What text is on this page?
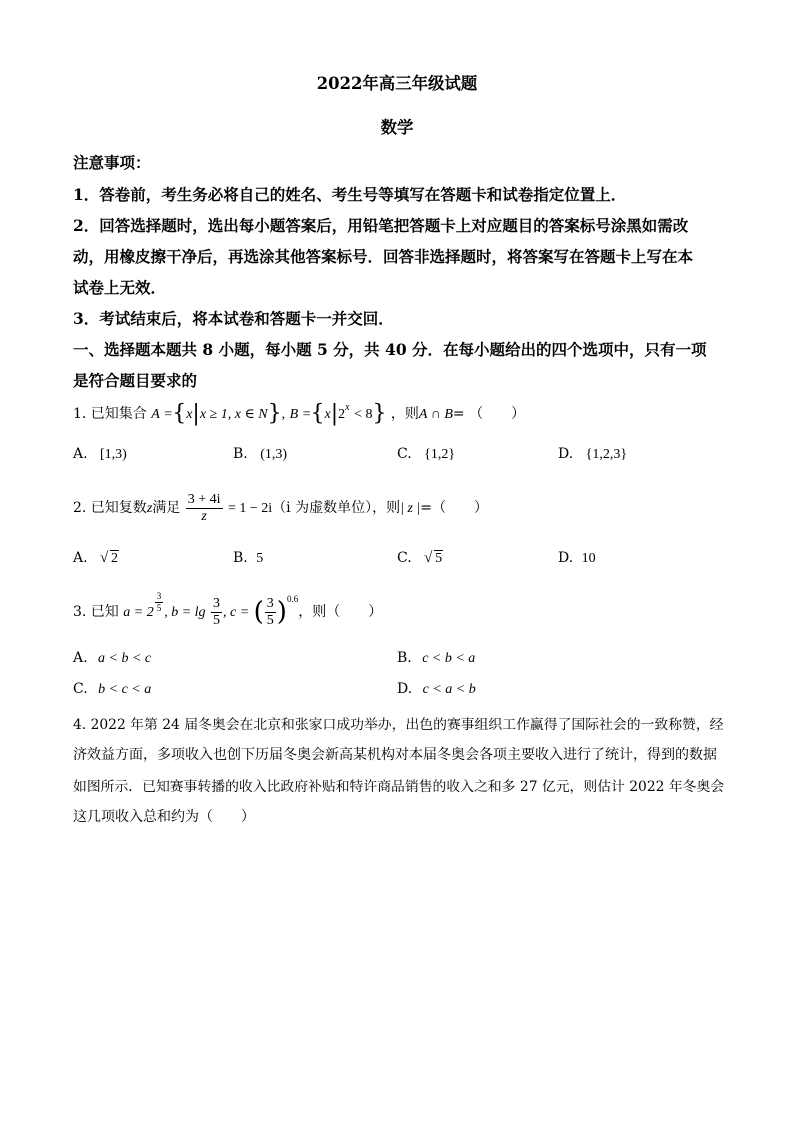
2022年高三年级试题
数学
注意事项：
1．答卷前，考生务必将自己的姓名、考生号等填写在答题卡和试卷指定位置上．
2．回答选择题时，选出每小题答案后，用铅笔把答题卡上对应题目的答案标号涂黑如需改
动，用橡皮擦干净后，再选涂其他答案标号．回答非选择题时，将答案写在答题卡上写在本
试卷上无效．
3．考试结束后，将本试卷和答题卡一并交回．
一、选择题本题共 8 小题，每小题 5 分，共 40 分．在每小题给出的四个选项中，只有一项
是符合题目要求的
1. 已知集合 A ={x|x ≥ 1, x ∈ N}, $B =\{x|2^x < 8\}$ ，则A ∩ B= （　　）
A. [1,3)	B. (1,3)	C. {1,2}	D. {1,2,3}
2. 已知复数z满足 $\frac{3 + 4i}{z} = 1 - 2i(i$ 为虚数单位），则| z |=（　　）
A. √ 2	B. 5	C. √ 5	D. 10
3. 已知 $a = 2 \frac{3}{5}$ , $b = \lg \frac{3}{5}$ , c = ( $\frac{3}{5} )^{0.6}$，则（　　）
A. a < b < c	B. c < b < a
C. b < c < a	D. c < a < b
4. 2022 年第 24 届冬奥会在北京和张家口成功举办，出色的赛事组织工作赢得了国际社会的一致称赞，经
济效益方面，多项收入也创下历届冬奥会新高某机构对本届冬奥会各项主要收入进行了统计，得到的数据
如图所示．已知赛事转播的收入比政府补贴和特许商品销售的收入之和多 27 亿元，则估计 2022 年冬奥会
这几项收入总和约为（　　）
